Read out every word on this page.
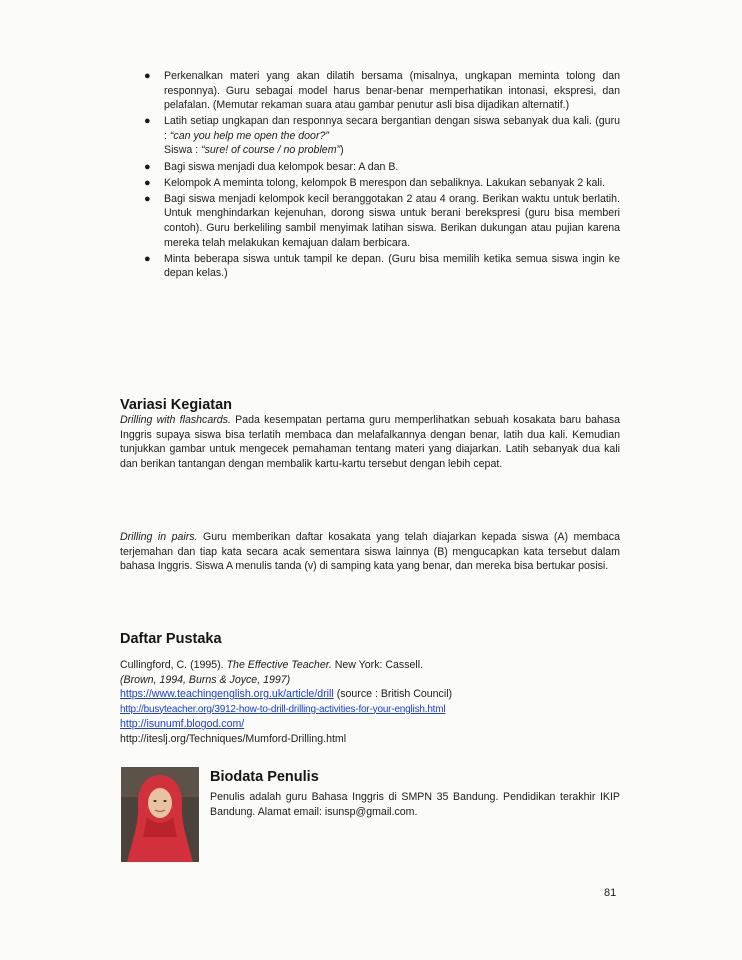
● Perkenalkan materi yang akan dilatih bersama (misalnya, ungkapan meminta tolong dan responnya). Guru sebagai model harus benar-benar memperhatikan intonasi, ekspresi, dan pelafalan. (Memutar rekaman suara atau gambar penutur asli bisa dijadikan alternatif.)
● Latih setiap ungkapan dan responnya secara bergantian dengan siswa sebanyak dua kali. (guru : “can you help me open the door?”
Siswa : “sure! of course / no problem”)
● Bagi siswa menjadi dua kelompok besar: A dan B.
● Kelompok A meminta tolong, kelompok B merespon dan sebaliknya. Lakukan sebanyak 2 kali.
● Bagi siswa menjadi kelompok kecil beranggotakan 2 atau 4 orang. Berikan waktu untuk berlatih. Untuk menghindarkan kejenuhan, dorong siswa untuk berani berekspresi (guru bisa memberi contoh). Guru berkeliling sambil menyimak latihan siswa. Berikan dukungan atau pujian karena mereka telah melakukan kemajuan dalam berbicara.
● Minta beberapa siswa untuk tampil ke depan. (Guru bisa memilih ketika semua siswa ingin ke depan kelas.)
Variasi Kegiatan

Drilling with flashcards. Pada kesempatan pertama guru memperlihatkan sebuah kosakata baru bahasa Inggris supaya siswa bisa terlatih membaca dan melafalkannya dengan benar, latih dua kali. Kemudian tunjukkan gambar untuk mengecek pemahaman tentang materi yang diajarkan. Latih sebanyak dua kali dan berikan tantangan dengan membalik kartu-kartu tersebut dengan lebih cepat.

Drilling in pairs. Guru memberikan daftar kosakata yang telah diajarkan kepada siswa (A) membaca terjemahan dan tiap kata secara acak sementara siswa lainnya (B) mengucapkan kata tersebut dalam bahasa Inggris. Siswa A menulis tanda (v) di samping kata yang benar, dan mereka bisa bertukar posisi.

Daftar Pustaka
Cullingford, C. (1995). The Effective Teacher. New York: Cassell.
(Brown, 1994, Burns & Joyce, 1997)
https://www.teachingenglish.org.uk/article/drill (source : British Council)
http://busyteacher.org/3912-how-to-drill-drilling-activities-for-your-english.html
http://isunumf.blogod.com/
http://iteslj.org/Techniques/Mumford-Drilling.html
Biodata Penulis

Penulis adalah guru Bahasa Inggris di SMPN 35 Bandung. Pendidikan terakhir IKIP Bandung. Alamat email: isunsp@gmail.com.

81
